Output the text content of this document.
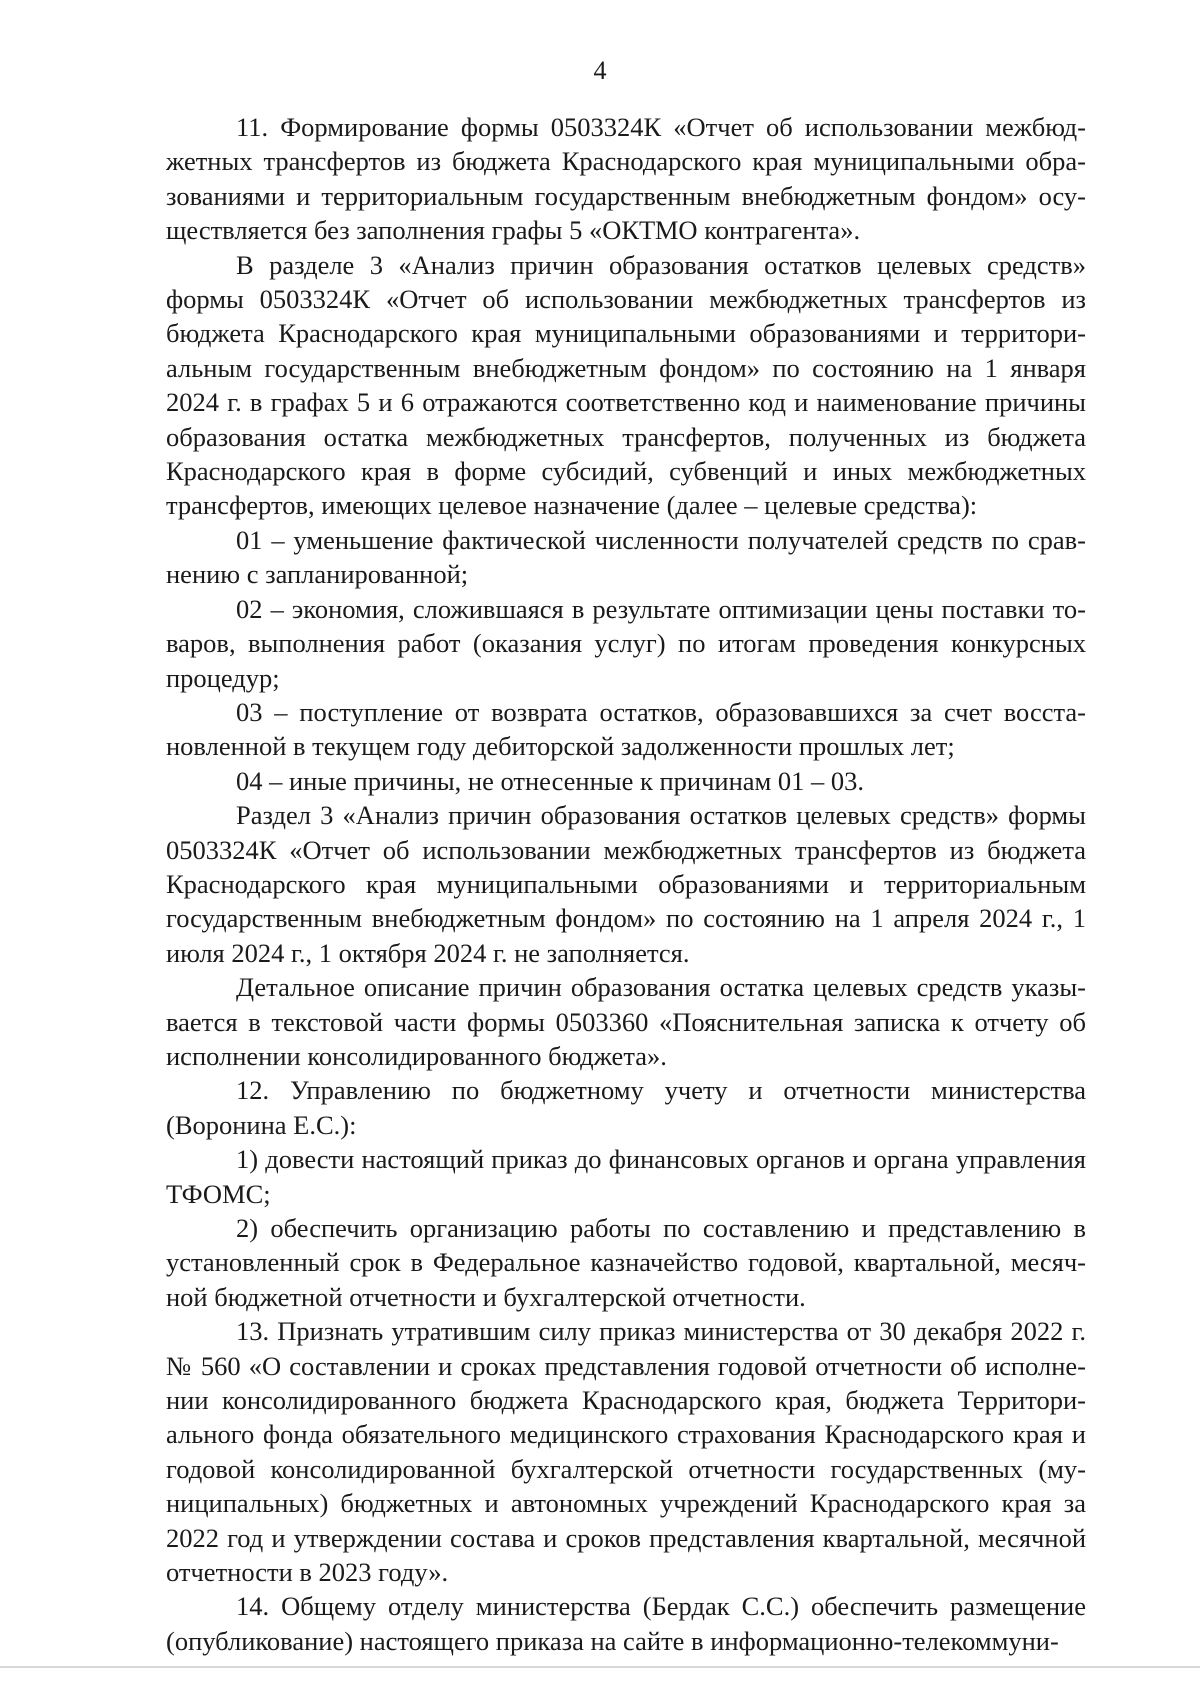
4

11. Формирование формы 0503324К «Отчет об использовании межбюджетных трансфертов из бюджета Краснодарского края муниципальными образованиями и территориальным государственным внебюджетным фондом» осуществляется без заполнения графы 5 «ОКТМО контрагента».

В разделе 3 «Анализ причин образования остатков целевых средств» формы 0503324К «Отчет об использовании межбюджетных трансфертов из бюджета Краснодарского края муниципальными образованиями и территориальным государственным внебюджетным фондом» по состоянию на 1 января 2024 г. в графах 5 и 6 отражаются соответственно код и наименование причины образования остатка межбюджетных трансфертов, полученных из бюджета Краснодарского края в форме субсидий, субвенций и иных межбюджетных трансфертов, имеющих целевое назначение (далее – целевые средства):

01 – уменьшение фактической численности получателей средств по сравнению с запланированной;

02 – экономия, сложившаяся в результате оптимизации цены поставки товаров, выполнения работ (оказания услуг) по итогам проведения конкурсных процедур;

03 – поступление от возврата остатков, образовавшихся за счет восстановленной в текущем году дебиторской задолженности прошлых лет;

04 – иные причины, не отнесенные к причинам 01 – 03.

Раздел 3 «Анализ причин образования остатков целевых средств» формы 0503324К «Отчет об использовании межбюджетных трансфертов из бюджета Краснодарского края муниципальными образованиями и территориальным государственным внебюджетным фондом» по состоянию на 1 апреля 2024 г., 1 июля 2024 г., 1 октября 2024 г. не заполняется.

Детальное описание причин образования остатка целевых средств указывается в текстовой части формы 0503360 «Пояснительная записка к отчету об исполнении консолидированного бюджета».

12. Управлению по бюджетному учету и отчетности министерства (Воронина Е.С.):

1) довести настоящий приказ до финансовых органов и органа управления ТФОМС;

2) обеспечить организацию работы по составлению и представлению в установленный срок в Федеральное казначейство годовой, квартальной, месячной бюджетной отчетности и бухгалтерской отчетности.

13. Признать утратившим силу приказ министерства от 30 декабря 2022 г. № 560 «О составлении и сроках представления годовой отчетности об исполнении консолидированного бюджета Краснодарского края, бюджета Территориального фонда обязательного медицинского страхования Краснодарского края и годовой консолидированной бухгалтерской отчетности государственных (муниципальных) бюджетных и автономных учреждений Краснодарского края за 2022 год и утверждении состава и сроков представления квартальной, месячной отчетности в 2023 году».

14. Общему отделу министерства (Бердак С.С.) обеспечить размещение (опубликование) настоящего приказа на сайте в информационно-телекоммуни-
